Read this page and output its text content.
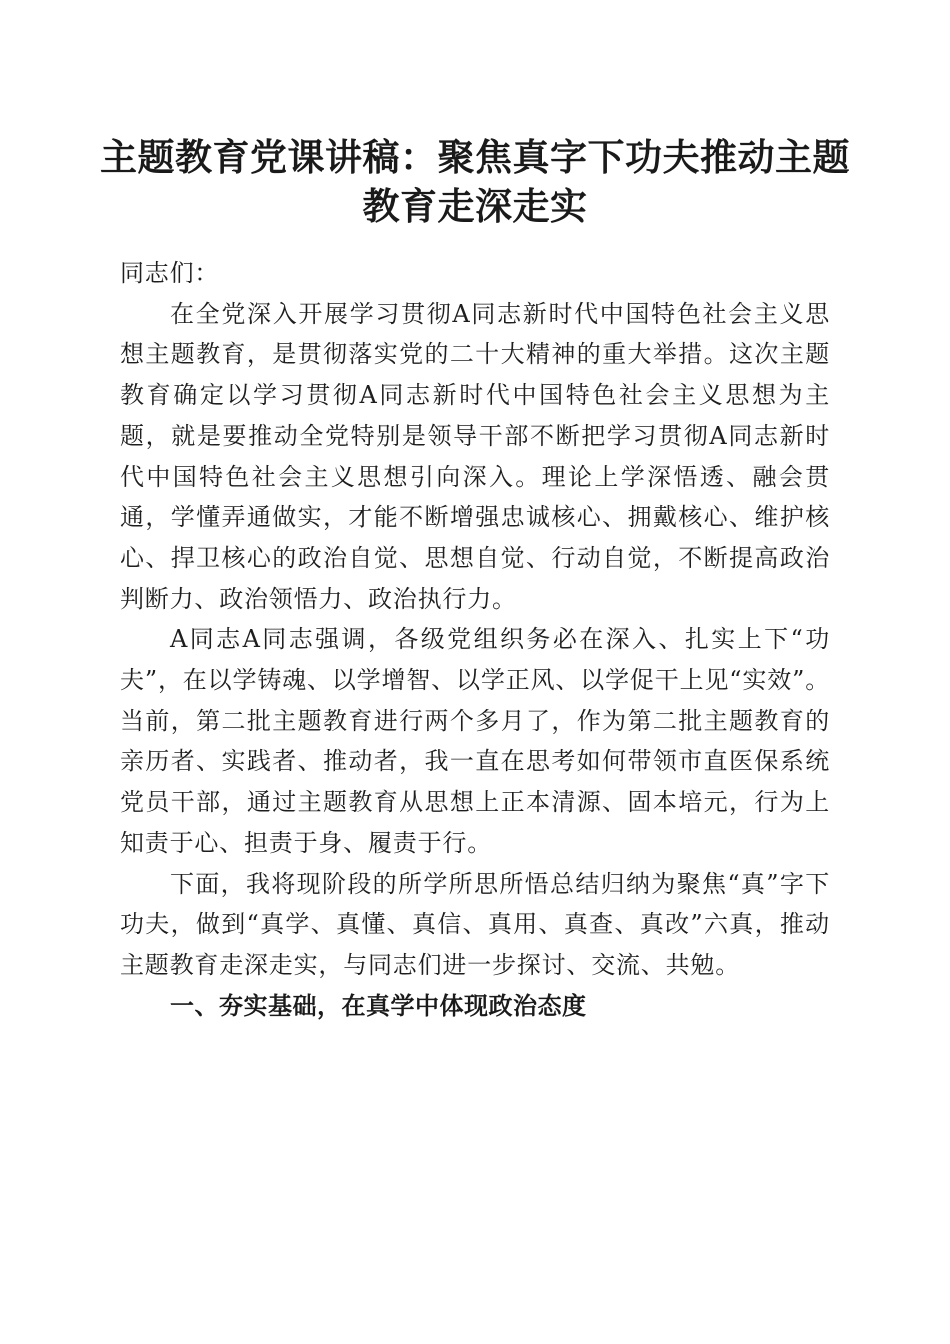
主题教育党课讲稿：聚焦真字下功夫推动主题
教育走深走实

同志们：

在全党深入开展学习贯彻A同志新时代中国特色社会主义思想主题教育，是贯彻落实党的二十大精神的重大举措。这次主题教育确定以学习贯彻A同志新时代中国特色社会主义思想为主题，就是要推动全党特别是领导干部不断把学习贯彻A同志新时代中国特色社会主义思想引向深入。理论上学深悟透、融会贯通，学懂弄通做实，才能不断增强忠诚核心、拥戴核心、维护核心、捍卫核心的政治自觉、思想自觉、行动自觉，不断提高政治判断力、政治领悟力、政治执行力。

A同志A同志强调，各级党组织务必在深入、扎实上下“功夫”，在以学铸魂、以学增智、以学正风、以学促干上见“实效”。当前，第二批主题教育进行两个多月了，作为第二批主题教育的亲历者、实践者、推动者，我一直在思考如何带领市直医保系统党员干部，通过主题教育从思想上正本清源、固本培元，行为上知责于心、担责于身、履责于行。

下面，我将现阶段的所学所思所悟总结归纳为聚焦“真”字下功夫，做到“真学、真懂、真信、真用、真查、真改”六真，推动主题教育走深走实，与同志们进一步探讨、交流、共勉。

一、夯实基础，在真学中体现政治态度
